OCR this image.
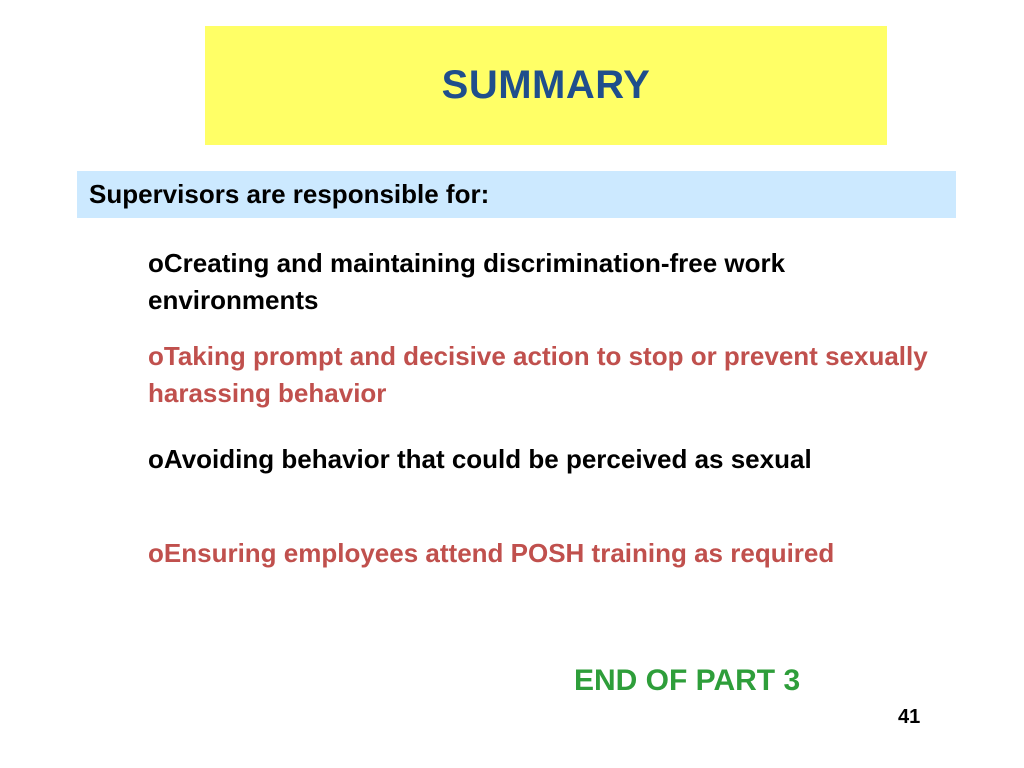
SUMMARY
Supervisors are responsible for:
oCreating and maintaining discrimination-free work environments
oTaking prompt and decisive action to stop or prevent sexually harassing behavior
oAvoiding behavior that could be perceived as sexual
oEnsuring employees attend POSH training as required
END OF PART 3
41
